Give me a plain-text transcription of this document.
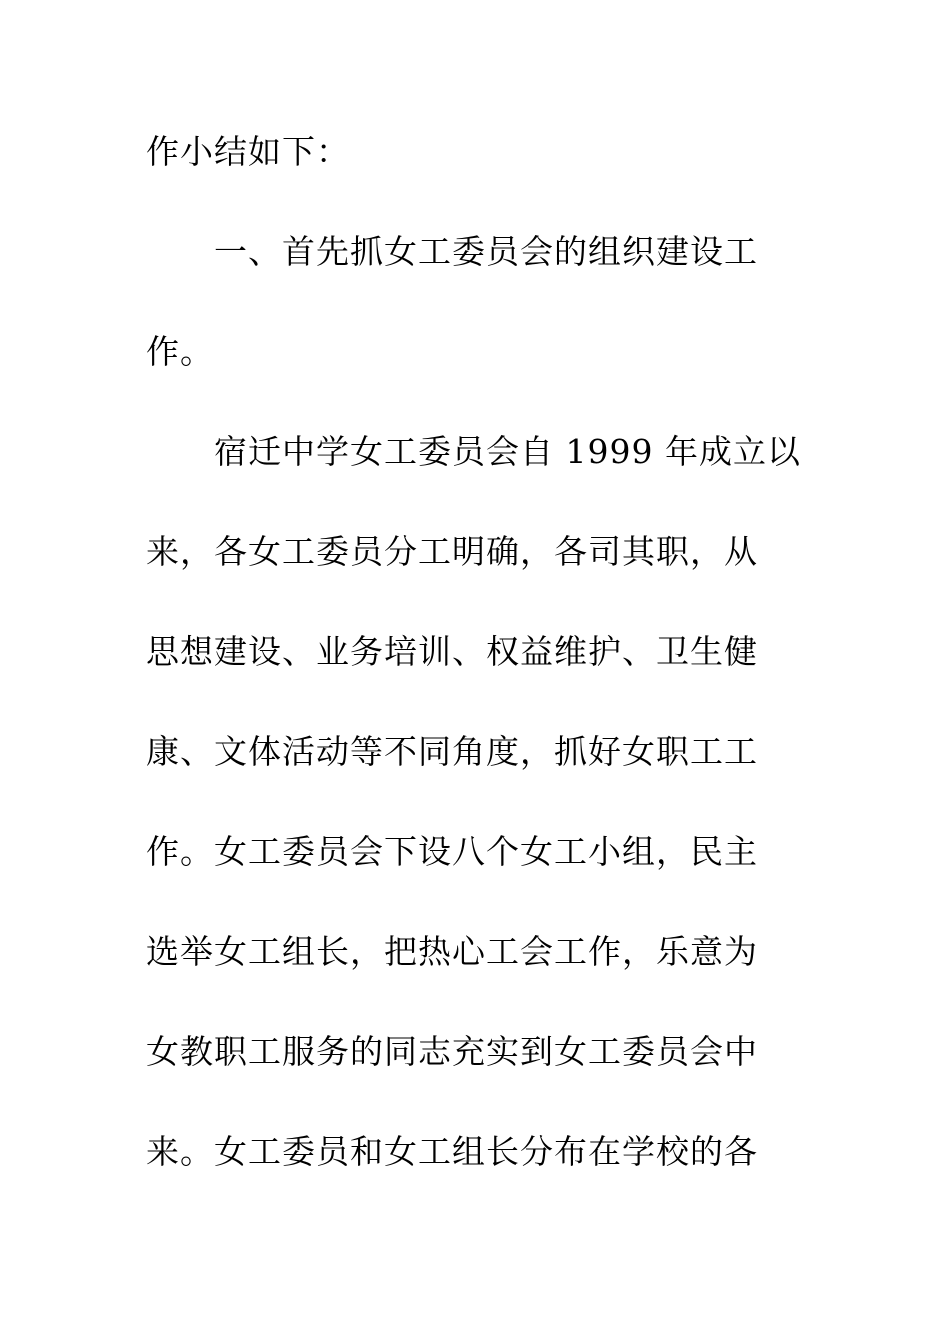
作小结如下：
一、首先抓女工委员会的组织建设工
作。
宿迁中学女工委员会自 1999 年成立以
来，各女工委员分工明确，各司其职，从
思想建设、业务培训、权益维护、卫生健
康、文体活动等不同角度，抓好女职工工
作。女工委员会下设八个女工小组，民主
选举女工组长，把热心工会工作，乐意为
女教职工服务的同志充实到女工委员会中
来。女工委员和女工组长分布在学校的各
